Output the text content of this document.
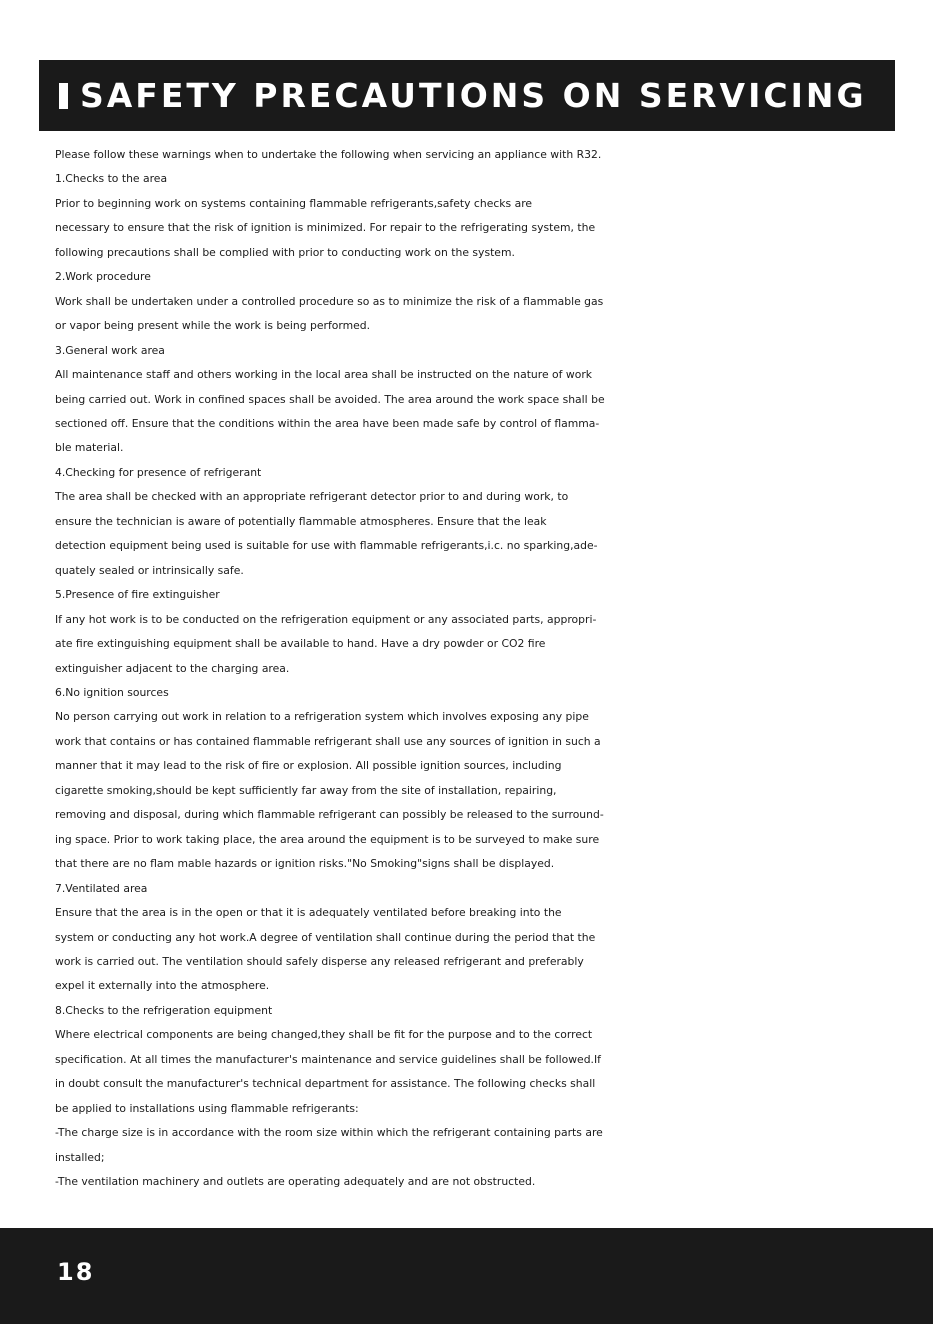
SAFETY PRECAUTIONS ON SERVICING

Please follow these warnings when to undertake the following when servicing an appliance with R32.

1.Checks to the area

Prior to beginning work on systems containing flammable refrigerants,safety checks are

necessary to ensure that the risk of ignition is minimized. For repair to the refrigerating system, the

following precautions shall be complied with prior to conducting work on the system.

2.Work procedure

Work shall be undertaken under a controlled procedure so as to minimize the risk of a flammable gas

or vapor being present while the work is being performed.

3.General work area

All maintenance staff and others working in the local area shall be instructed on the nature of work

being carried out. Work in confined spaces shall be avoided. The area around the work space shall be

sectioned off. Ensure that the conditions within the area have been made safe by control of flamma-

ble material.

4.Checking for presence of refrigerant

The area shall be checked with an appropriate refrigerant detector prior to and during work, to

ensure the technician is aware of potentially flammable atmospheres. Ensure that the leak

detection equipment being used is suitable for use with flammable refrigerants,i.c. no sparking,ade-

quately sealed or intrinsically safe.

5.Presence of fire extinguisher

If any hot work is to be conducted on the refrigeration equipment or any associated parts, appropri-

ate fire extinguishing equipment shall be available to hand. Have a dry powder or CO2 fire

extinguisher adjacent to the charging area.

6.No ignition sources

No person carrying out work in relation to a refrigeration system which involves exposing any pipe

work that contains or has contained flammable refrigerant shall use any sources of ignition in such a

manner that it may lead to the risk of fire or explosion. All possible ignition sources, including

cigarette smoking,should be kept sufficiently far away from the site of installation, repairing,

removing and disposal, during which flammable refrigerant can possibly be released to the surround-

ing space. Prior to work taking place, the area around the equipment is to be surveyed to make sure

that there are no flam mable hazards or ignition risks."No Smoking"signs shall be displayed.

7.Ventilated area

Ensure that the area is in the open or that it is adequately ventilated before breaking into the

system or conducting any hot work.A degree of ventilation shall continue during the period that the

work is carried out. The ventilation should safely disperse any released refrigerant and preferably

expel it externally into the atmosphere.

8.Checks to the refrigeration equipment

Where electrical components are being changed,they shall be fit for the purpose and to the correct

specification. At all times the manufacturer's maintenance and service guidelines shall be followed.If

in doubt consult the manufacturer's technical department for assistance. The following checks shall

be applied to installations using flammable refrigerants:

-The charge size is in accordance with the room size within which the refrigerant containing parts are

installed;

-The ventilation machinery and outlets are operating adequately and are not obstructed.

18
